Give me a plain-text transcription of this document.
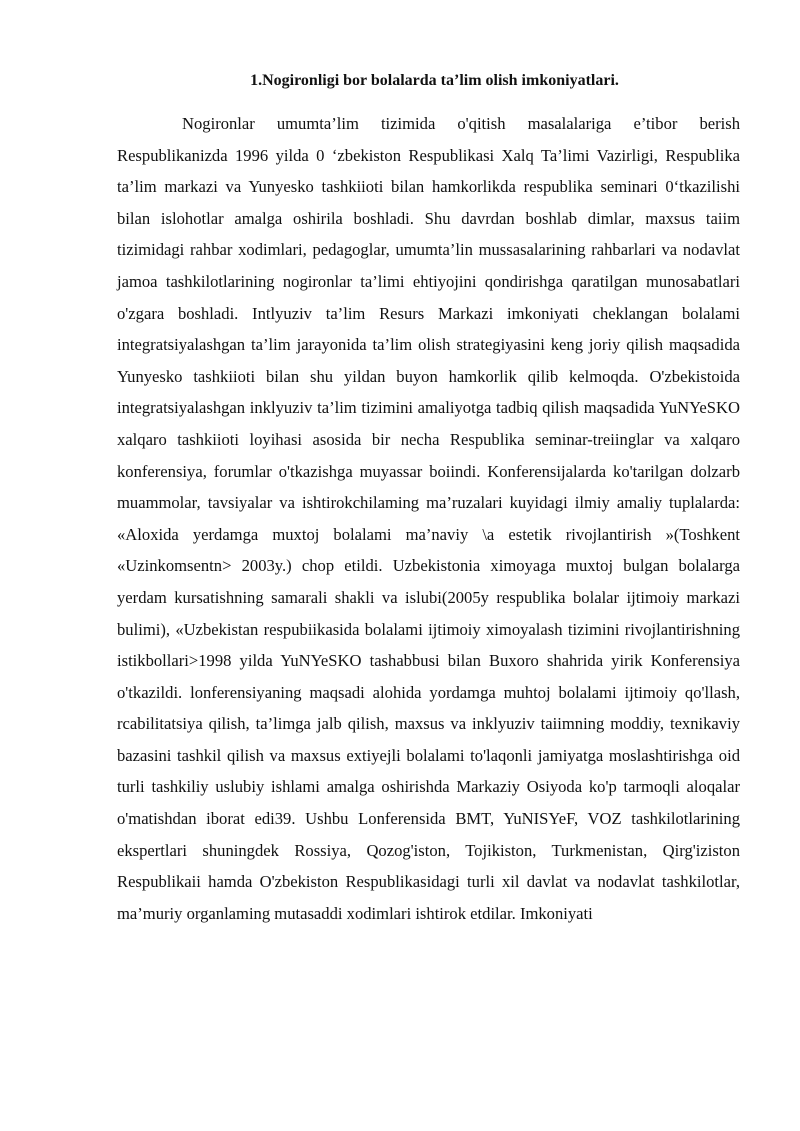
1.Nogironligi bor bolalarda ta’lim olish imkoniyatlari.

Nogironlar umumta’lim tizimida o'qitish masalalariga e’tibor berish Respublikanizda 1996 yilda 0 ‘zbekiston Respublikasi Xalq Ta’limi Vazirligi, Respublika ta’lim markazi va Yunyesko tashkiioti bilan hamkorlikda respublika seminari 0‘tkazilishi bilan islohotlar amalga oshirila boshladi. Shu davrdan boshlab dimlar, maxsus taiim tizimidagi rahbar xodimlari, pedagoglar, umumta’lin mussasalarining rahbarlari va nodavlat jamoa tashkilotlarining nogironlar ta’limi ehtiyojini qondirishga qaratilgan munosabatlari o'zgara boshladi. Intlyuziv ta’lim Resurs Markazi imkoniyati cheklangan bolalami integratsiyalashgan ta’lim jarayonida ta’lim olish strategiyasini keng joriy qilish maqsadida Yunyesko tashkiioti bilan shu yildan buyon hamkorlik qilib kelmoqda. O'zbekistoida integratsiyalashgan inklyuziv ta’lim tizimini amaliyotga tadbiq qilish maqsadida YuNYeSKO xalqaro tashkiioti loyihasi asosida bir necha Respublika seminar-treiinglar va xalqaro konferensiya, forumlar o'tkazishga muyassar boiindi. Konferensijalarda ko'tarilgan dolzarb muammolar, tavsiyalar va ishtirokchilaming ma’ruzalari kuyidagi ilmiy amaliy tuplalarda: «Aloxida yerdamga muxtoj bolalami ma’naviy \a estetik rivojlantirish »(Toshkent «Uzinkomsentn> 2003y.) chop etildi. Uzbekistonia ximoyaga muxtoj bulgan bolalarga yerdam kursatishning samarali shakli va islubi(2005y respublika bolalar ijtimoiy markazi bulimi), «Uzbekistan respubiikasida bolalami ijtimoiy ximoyalash tizimini rivojlantirishning istikbollari>1998 yilda YuNYeSKO tashabbusi bilan Buxoro shahrida yirik Konferensiya o'tkazildi. lonferensiyaning maqsadi alohida yordamga muhtoj bolalami ijtimoiy qo'llash, rcabilitatsiya qilish, ta’limga jalb qilish, maxsus va inklyuziv taiimning moddiy, texnikaviy bazasini tashkil qilish va maxsus extiyejli bolalami to'laqonli jamiyatga moslashtirishga oid turli tashkiliy uslubiy ishlami amalga oshirishda Markaziy Osiyoda ko'p tarmoqli aloqalar o'matishdan iborat edi39. Ushbu Lonferensida BMT, YuNISYeF, VOZ tashkilotlarining ekspertlari shuningdek Rossiya, Qozog'iston, Tojikiston, Turkmenistan, Qirg'iziston Respublikaii hamda O'zbekiston Respublikasidagi turli xil davlat va nodavlat tashkilotlar, ma’muriy organlaming mutasaddi xodimlari ishtirok etdilar. Imkoniyati
